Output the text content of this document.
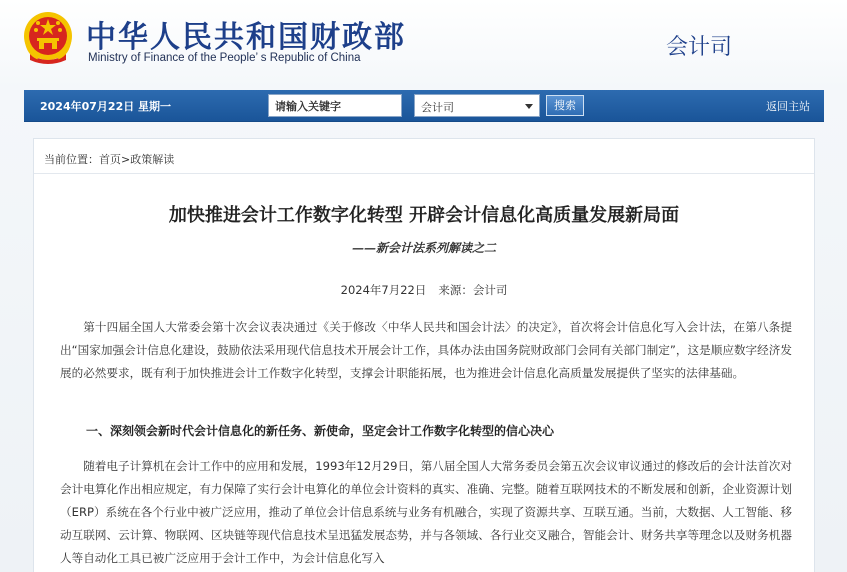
中华人民共和国财政部
Ministry of Finance of the People’ s Republic of China	会计司
2024年07月22日 星期一
请输入关键字	会计司	搜索	返回主站
当前位置：首页>政策解读
加快推进会计工作数字化转型 开辟会计信息化高质量发展新局面
——新会计法系列解读之二
2024年7月22日 来源：会计司

第十四届全国人大常委会第十次会议表决通过《关于修改〈中华人民共和国会计法〉的决定》，首次将会计信息化写入会计法，在第八条提出“国家加强会计信息化建设，鼓励依法采用现代信息技术开展会计工作，具体办法由国务院财政部门会同有关部门制定”，这是顺应数字经济发展的必然要求，既有利于加快推进会计工作数字化转型，支撑会计职能拓展，也为推进会计信息化高质量发展提供了坚实的法律基础。

一、深刻领会新时代会计信息化的新任务、新使命，坚定会计工作数字化转型的信心决心

随着电子计算机在会计工作中的应用和发展，1993年12月29日，第八届全国人大常务委员会第五次会议审议通过的修改后的会计法首次对会计电算化作出相应规定，有力保障了实行会计电算化的单位会计资料的真实、准确、完整。随着互联网技术的不断发展和创新，企业资源计划（ERP）系统在各个行业中被广泛应用，推动了单位会计信息系统与业务有机融合，实现了资源共享、互联互通。当前，大数据、人工智能、移动互联网、云计算、物联网、区块链等现代信息技术呈迅猛发展态势，并与各领域、各行业交叉融合，智能会计、财务共享等理念以及财务机器人等自动化工具已被广泛应用于会计工作中，为会计信息化写入
